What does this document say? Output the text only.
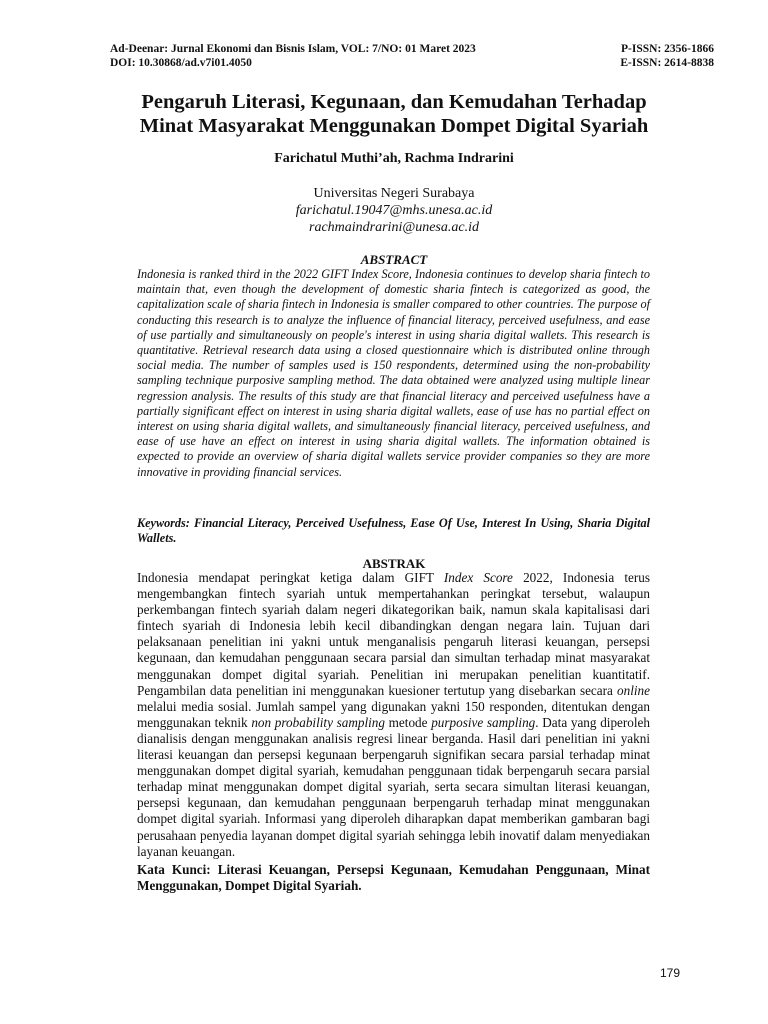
Ad-Deenar: Jurnal Ekonomi dan Bisnis Islam, VOL: 7/NO: 01 Maret 2023	P-ISSN: 2356-1866
DOI: 10.30868/ad.v7i01.4050	E-ISSN: 2614-8838
Pengaruh Literasi, Kegunaan, dan Kemudahan Terhadap
Minat Masyarakat Menggunakan Dompet Digital Syariah
Farichatul Muthi’ah, Rachma Indrarini
Universitas Negeri Surabaya
farichatul.19047@mhs.unesa.ac.id
rachmaindrarini@unesa.ac.id
ABSTRACT

Indonesia is ranked third in the 2022 GIFT Index Score, Indonesia continues to develop sharia fintech to maintain that, even though the development of domestic sharia fintech is categorized as good, the capitalization scale of sharia fintech in Indonesia is smaller compared to other countries. The purpose of conducting this research is to analyze the influence of financial literacy, perceived usefulness, and ease of use partially and simultaneously on people's interest in using sharia digital wallets. This research is quantitative. Retrieval research data using a closed questionnaire which is distributed online through social media. The number of samples used is 150 respondents, determined using the non-probability sampling technique purposive sampling method. The data obtained were analyzed using multiple linear regression analysis. The results of this study are that financial literacy and perceived usefulness have a partially significant effect on interest in using sharia digital wallets, ease of use has no partial effect on interest on using sharia digital wallets, and simultaneously financial literacy, perceived usefulness, and ease of use have an effect on interest in using sharia digital wallets. The information obtained is expected to provide an overview of sharia digital wallets service provider companies so they are more innovative in providing financial services.

Keywords: Financial Literacy, Perceived Usefulness, Ease Of Use, Interest In Using, Sharia Digital Wallets.

ABSTRAK

Indonesia mendapat peringkat ketiga dalam GIFT Index Score 2022, Indonesia terus mengembangkan fintech syariah untuk mempertahankan peringkat tersebut, walaupun perkembangan fintech syariah dalam negeri dikategorikan baik, namun skala kapitalisasi dari fintech syariah di Indonesia lebih kecil dibandingkan dengan negara lain. Tujuan dari pelaksanaan penelitian ini yakni untuk menganalisis pengaruh literasi keuangan, persepsi kegunaan, dan kemudahan penggunaan secara parsial dan simultan terhadap minat masyarakat menggunakan dompet digital syariah. Penelitian ini merupakan penelitian kuantitatif. Pengambilan data penelitian ini menggunakan kuesioner tertutup yang disebarkan secara online melalui media sosial. Jumlah sampel yang digunakan yakni 150 responden, ditentukan dengan menggunakan teknik non probability sampling metode purposive sampling. Data yang diperoleh dianalisis dengan menggunakan analisis regresi linear berganda. Hasil dari penelitian ini yakni literasi keuangan dan persepsi kegunaan berpengaruh signifikan secara parsial terhadap minat menggunakan dompet digital syariah, kemudahan penggunaan tidak berpengaruh secara parsial terhadap minat menggunakan dompet digital syariah, serta secara simultan literasi keuangan, persepsi kegunaan, dan kemudahan penggunaan berpengaruh terhadap minat menggunakan dompet digital syariah. Informasi yang diperoleh diharapkan dapat memberikan gambaran bagi perusahaan penyedia layanan dompet digital syariah sehingga lebih inovatif dalam menyediakan layanan keuangan.

Kata Kunci: Literasi Keuangan, Persepsi Kegunaan, Kemudahan Penggunaan, Minat Menggunakan, Dompet Digital Syariah.

179
